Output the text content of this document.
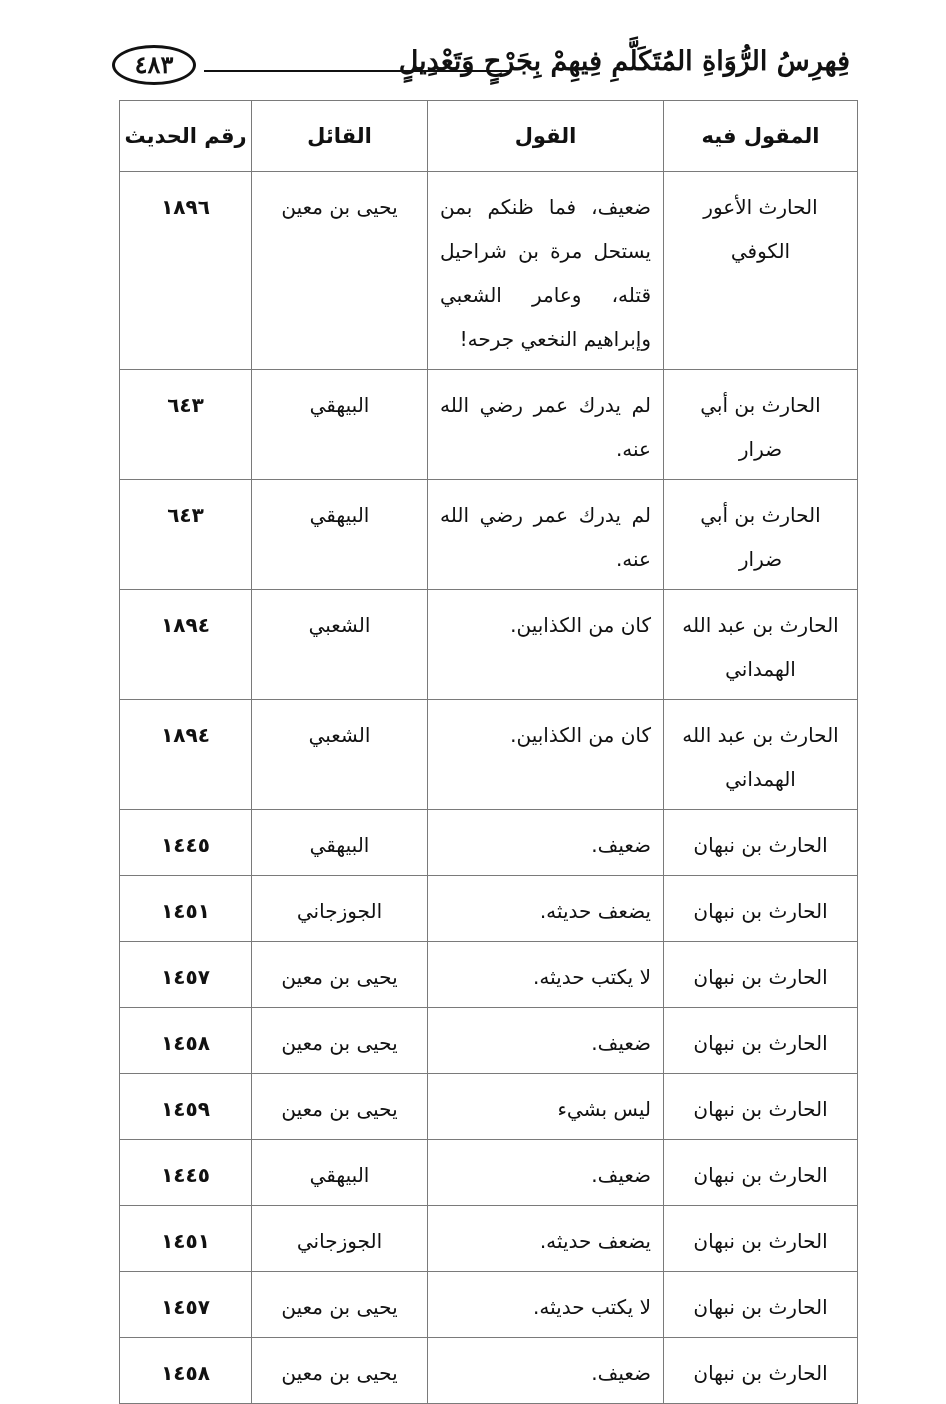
فِهرِسُ الرُّوَاةِ المُتَكَلَّمِ فِيهِمْ بِجَرْحٍ وَتَعْدِيلٍ
٤٨٣
المقول فيه	القول	القائل	رقم الحديث
الحارث الأعور الكوفي	ضعيف، فما ظنكم بمن يستحل مرة بن شراحيل قتله، وعامر الشعبي وإبراهيم النخعي جرحه!	يحيى بن معين	١٨٩٦
الحارث بن أبي ضرار	لم يدرك عمر رضي الله عنه.	البيهقي	٦٤٣
الحارث بن أبي ضرار	لم يدرك عمر رضي الله عنه.	البيهقي	٦٤٣
الحارث بن عبد الله الهمداني	كان من الكذابين.	الشعبي	١٨٩٤
الحارث بن عبد الله الهمداني	كان من الكذابين.	الشعبي	١٨٩٤
الحارث بن نبهان	ضعيف.	البيهقي	١٤٤٥
الحارث بن نبهان	يضعف حديثه.	الجوزجاني	١٤٥١
الحارث بن نبهان	لا يكتب حديثه.	يحيى بن معين	١٤٥٧
الحارث بن نبهان	ضعيف.	يحيى بن معين	١٤٥٨
الحارث بن نبهان	ليس بشيء	يحيى بن معين	١٤٥٩
الحارث بن نبهان	ضعيف.	البيهقي	١٤٤٥
الحارث بن نبهان	يضعف حديثه.	الجوزجاني	١٤٥١
الحارث بن نبهان	لا يكتب حديثه.	يحيى بن معين	١٤٥٧
الحارث بن نبهان	ضعيف.	يحيى بن معين	١٤٥٨
